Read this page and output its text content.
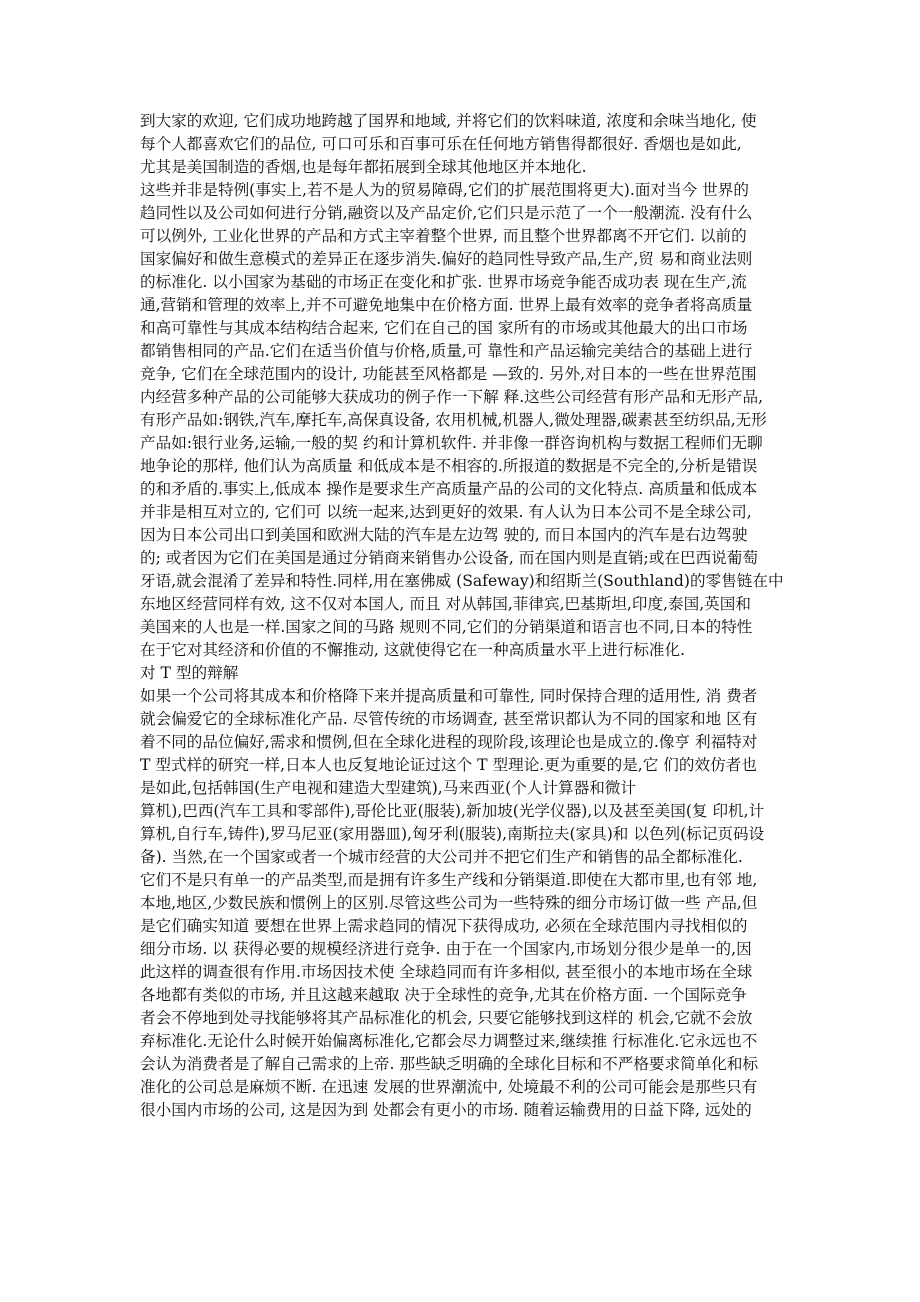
到大家的欢迎, 它们成功地跨越了国界和地域, 并将它们的饮料味道, 浓度和余味当地化, 使
每个人都喜欢它们的品位, 可口可乐和百事可乐在任何地方销售得都很好. 香烟也是如此,
尤其是美国制造的香烟,也是每年都拓展到全球其他地区并本地化.
这些并非是特例(事实上,若不是人为的贸易障碍,它们的扩展范围将更大).面对当今 世界的
趋同性以及公司如何进行分销,融资以及产品定价,它们只是示范了一个一般潮流. 没有什么
可以例外, 工业化世界的产品和方式主宰着整个世界, 而且整个世界都离不开它们. 以前的
国家偏好和做生意模式的差异正在逐步消失.偏好的趋同性导致产品,生产,贸 易和商业法则
的标准化. 以小国家为基础的市场正在变化和扩张. 世界市场竞争能否成功表 现在生产,流
通,营销和管理的效率上,并不可避免地集中在价格方面. 世界上最有效率的竞争者将高质量
和高可靠性与其成本结构结合起来, 它们在自己的国 家所有的市场或其他最大的出口市场
都销售相同的产品.它们在适当价值与价格,质量,可 靠性和产品运输完美结合的基础上进行
竞争, 它们在全球范围内的设计, 功能甚至风格都是 —致的. 另外,对日本的一些在世界范围
内经营多种产品的公司能够大获成功的例子作一下解 释.这些公司经营有形产品和无形产品,
有形产品如:钢铁,汽车,摩托车,高保真设备, 农用机械,机器人,微处理器,碳素甚至纺织品,无形
产品如:银行业务,运输,一般的契 约和计算机软件. 并非像一群咨询机构与数据工程师们无聊
地争论的那样, 他们认为高质量 和低成本是不相容的.所报道的数据是不完全的,分析是错误
的和矛盾的.事实上,低成本 操作是要求生产高质量产品的公司的文化特点. 高质量和低成本
并非是相互对立的, 它们可 以统一起来,达到更好的效果. 有人认为日本公司不是全球公司,
因为日本公司出口到美国和欧洲大陆的汽车是左边驾 驶的, 而日本国内的汽车是右边驾驶
的; 或者因为它们在美国是通过分销商来销售办公设备, 而在国内则是直销;或在巴西说葡萄
牙语,就会混淆了差异和特性.同样,用在塞佛威 (Safeway)和绍斯兰(Southland)的零售链在中
东地区经营同样有效, 这不仅对本国人, 而且 对从韩国,菲律宾,巴基斯坦,印度,泰国,英国和
美国来的人也是一样.国家之间的马路 规则不同,它们的分销渠道和语言也不同,日本的特性
在于它对其经济和价值的不懈推动, 这就使得它在一种高质量水平上进行标准化.
对 T 型的辩解
如果一个公司将其成本和价格降下来并提高质量和可靠性, 同时保持合理的适用性, 消 费者
就会偏爱它的全球标准化产品. 尽管传统的市场调查, 甚至常识都认为不同的国家和地 区有
着不同的品位偏好,需求和惯例,但在全球化进程的现阶段,该理论也是成立的.像亨 利福特对
T 型式样的研究一样,日本人也反复地论证过这个 T 型理论.更为重要的是,它 们的效仿者也
是如此,包括韩国(生产电视和建造大型建筑),马来西亚(个人计算器和微计
算机),巴西(汽车工具和零部件),哥伦比亚(服装),新加坡(光学仪器),以及甚至美国(复 印机,计
算机,自行车,铸件),罗马尼亚(家用器皿),匈牙利(服装),南斯拉夫(家具)和 以色列(标记页码设
备). 当然,在一个国家或者一个城市经营的大公司并不把它们生产和销售的品全都标准化.
它们不是只有单一的产品类型,而是拥有许多生产线和分销渠道.即使在大都市里,也有邻 地,
本地,地区,少数民族和惯例上的区别.尽管这些公司为一些特殊的细分市场订做一些 产品,但
是它们确实知道 要想在世界上需求趋同的情况下获得成功, 必须在全球范围内寻找相似的
细分市场. 以 获得必要的规模经济进行竞争. 由于在一个国家内,市场划分很少是单一的,因
此这样的调查很有作用.市场因技术使 全球趋同而有许多相似, 甚至很小的本地市场在全球
各地都有类似的市场, 并且这越来越取 决于全球性的竞争,尤其在价格方面. 一个国际竞争
者会不停地到处寻找能够将其产品标准化的机会, 只要它能够找到这样的 机会,它就不会放
弃标准化.无论什么时候开始偏离标准化,它都会尽力调整过来,继续推 行标准化.它永远也不
会认为消费者是了解自己需求的上帝. 那些缺乏明确的全球化目标和不严格要求简单化和标
准化的公司总是麻烦不断. 在迅速 发展的世界潮流中, 处境最不利的公司可能会是那些只有
很小国内市场的公司, 这是因为到 处都会有更小的市场. 随着运输费用的日益下降, 远处的
